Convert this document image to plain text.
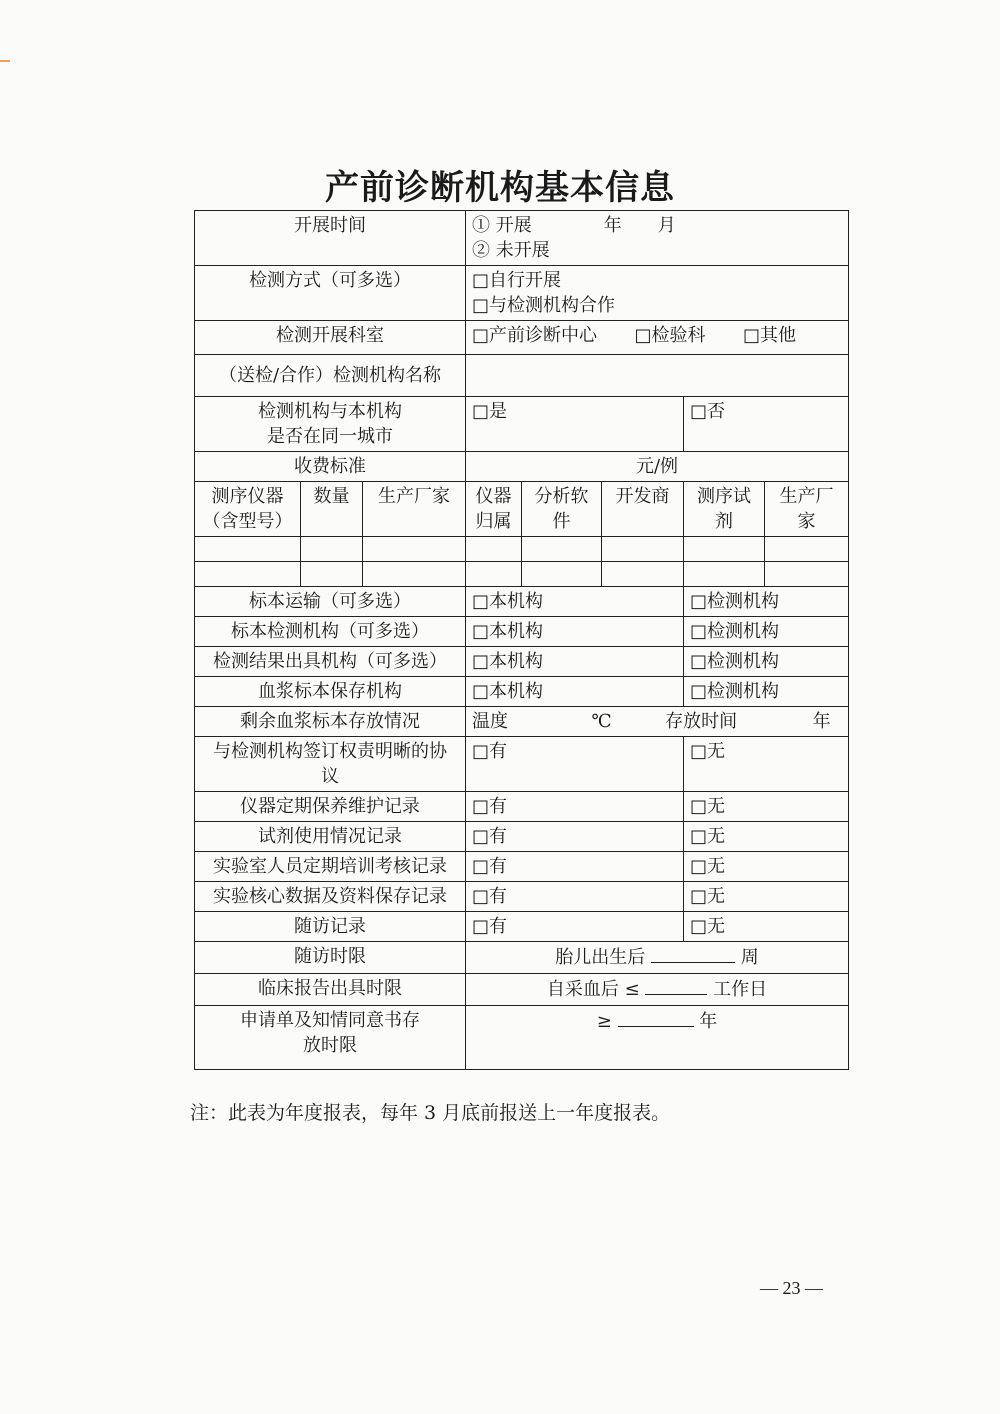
产前诊断机构基本信息
开展时间			① 开展　　　　年　　月
② 未开展				

检测方式（可多选）			□自行开展
□与检测机构合作				

检测开展科室			□产前诊断中心 □检验科 □其他				
（送检/合作）检测机构名称							
检测机构与本机构是否在同一城市			□是			□否	
收费标准			元/例				
测序仪器（含型号）	数量	生产厂家	仪器归属	分析软件	开发商	测序试剂	生产厂家

标本运输（可多选）			□本机构			□检测机构	
标本检测机构（可多选）			□本机构			□检测机构	
检测结果出具机构（可多选）			□本机构			□检测机构	
血浆标本保存机构			□本机构			□检测机构	
剩余血浆标本存放情况			温度 ℃ 存放时间 年				
与检测机构签订权责明晰的协议			□有			□无	
仪器定期保养维护记录			□有			□无	
试剂使用情况记录			□有			□无	
实验室人员定期培训考核记录			□有			□无	
实验核心数据及资料保存记录			□有			□无	
随访记录			□有			□无	
随访时限			胎儿出生后 周				
临床报告出具时限			自采血后 ≤ 工作日				
申请单及知情同意书存放时限			≥ 年				
注：此表为年度报表，每年 3 月底前报送上一年度报表。
— 23 —
